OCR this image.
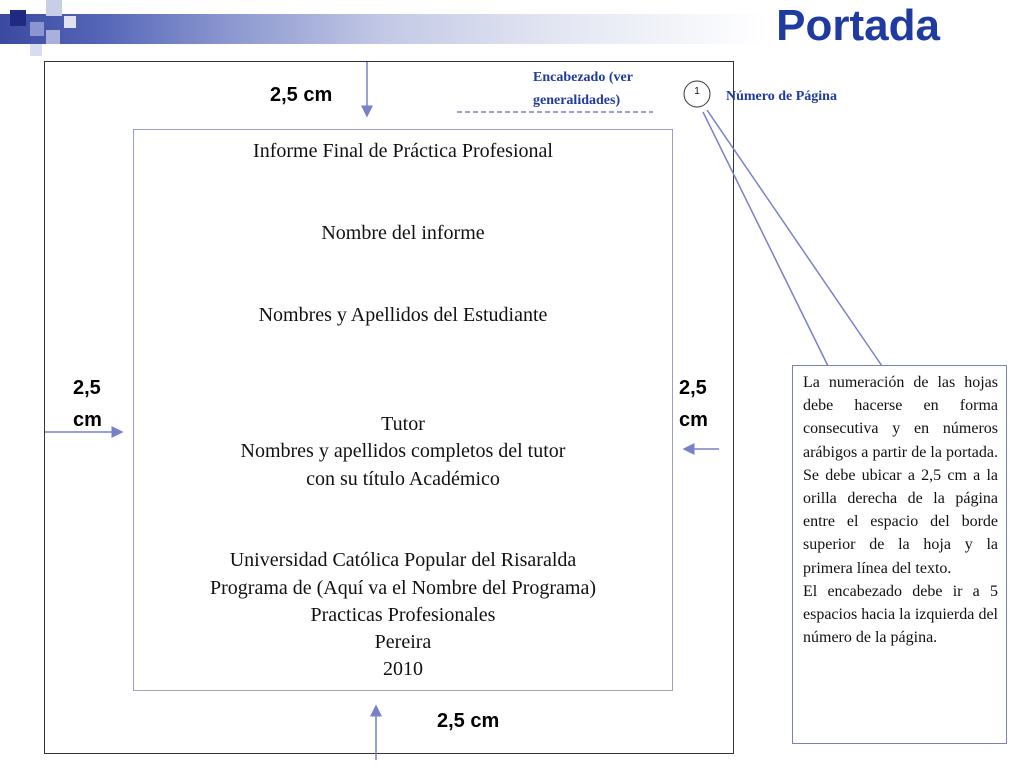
Portada
1
Encabezado (ver
generalidades)	Número de Página
2,5 cm
2,5
cm
2,5
cm
2,5 cm
Informe Final de Práctica Profesional
Nombre del informe
Nombres y Apellidos del Estudiante
Tutor
Nombres y apellidos completos del tutor
con su título Académico
Universidad Católica Popular del Risaralda
Programa de (Aquí va el Nombre del Programa)
Practicas Profesionales
Pereira
2010

La numeración de las hojas debe hacerse en forma consecutiva y en números arábigos a partir de la portada. Se debe ubicar a 2,5 cm a la orilla derecha de la página entre el espacio del borde superior de la hoja y la primera línea del texto.

El encabezado debe ir a 5 espacios hacia la izquierda del número de la página.
